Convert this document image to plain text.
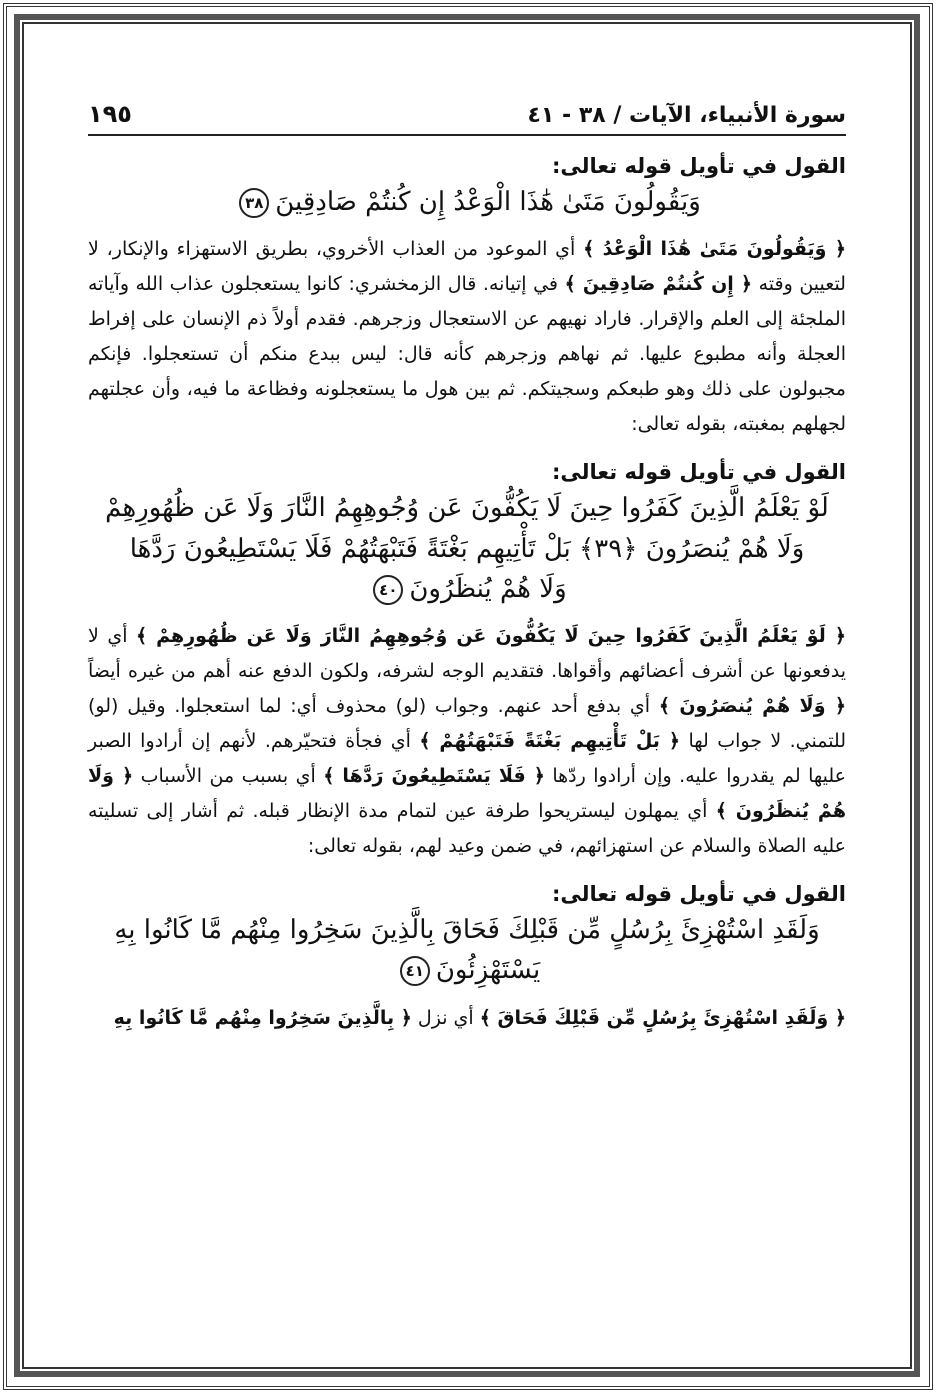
سورة الأنبياء، الآيات / ٣٨ - ٤١
١٩٥
القول في تأويل قوله تعالى:
وَيَقُولُونَ مَتَىٰ هَٰذَا الْوَعْدُ إِن كُنتُمْ صَادِقِينَ٣٨
﴿ وَيَقُولُونَ مَتَىٰ هَٰذَا الْوَعْدُ ﴾ أي الموعود من العذاب الأخروي، بطريق الاستهزاء والإنكار، لا لتعيين وقته ﴿ إِن كُنتُمْ صَادِقِينَ ﴾ في إتيانه. قال الزمخشري: كانوا يستعجلون عذاب الله وآياته الملجئة إلى العلم والإقرار. فاراد نهيهم عن الاستعجال وزجرهم. فقدم أولاً ذم الإنسان على إفراط العجلة وأنه مطبوع عليها. ثم نهاهم وزجرهم كأنه قال: ليس ببدع منكم أن تستعجلوا. فإنكم مجبولون على ذلك وهو طبعكم وسجيتكم. ثم بين هول ما يستعجلونه وفظاعة ما فيه، وأن عجلتهم لجهلهم بمغبته، بقوله تعالى:
القول في تأويل قوله تعالى:
لَوْ يَعْلَمُ الَّذِينَ كَفَرُوا حِينَ لَا يَكُفُّونَ عَن وُجُوهِهِمُ النَّارَ وَلَا عَن ظُهُورِهِمْ
وَلَا هُمْ يُنصَرُونَ ﴿٣٩﴾ بَلْ تَأْتِيهِم بَغْتَةً فَتَبْهَتُهُمْ فَلَا يَسْتَطِيعُونَ رَدَّهَا
وَلَا هُمْ يُنظَرُونَ٤٠
﴿ لَوْ يَعْلَمُ الَّذِينَ كَفَرُوا حِينَ لَا يَكُفُّونَ عَن وُجُوهِهِمُ النَّارَ وَلَا عَن ظُهُورِهِمْ ﴾ أي لا يدفعونها عن أشرف أعضائهم وأقواها. فتقديم الوجه لشرفه، ولكون الدفع عنه أهم من غيره أيضاً ﴿ وَلَا هُمْ يُنصَرُونَ ﴾ أي بدفع أحد عنهم. وجواب (لو) محذوف أي: لما استعجلوا. وقيل (لو) للتمني. لا جواب لها ﴿ بَلْ تَأْتِيهِم بَغْتَةً فَتَبْهَتُهُمْ ﴾ أي فجأة فتحيّرهم. لأنهم إن أرادوا الصبر عليها لم يقدروا عليه. وإن أرادوا ردّها ﴿ فَلَا يَسْتَطِيعُونَ رَدَّهَا ﴾ أي بسبب من الأسباب ﴿ وَلَا هُمْ يُنظَرُونَ ﴾ أي يمهلون ليستريحوا طرفة عين لتمام مدة الإنظار قبله. ثم أشار إلى تسليته عليه الصلاة والسلام عن استهزائهم، في ضمن وعيد لهم، بقوله تعالى:
القول في تأويل قوله تعالى:
وَلَقَدِ اسْتُهْزِئَ بِرُسُلٍ مِّن قَبْلِكَ فَحَاقَ بِالَّذِينَ سَخِرُوا مِنْهُم مَّا كَانُوا بِهِ
يَسْتَهْزِئُونَ٤١
﴿ وَلَقَدِ اسْتُهْزِئَ بِرُسُلٍ مِّن قَبْلِكَ فَحَاقَ ﴾ أي نزل ﴿ بِالَّذِينَ سَخِرُوا مِنْهُم مَّا كَانُوا بِهِ
